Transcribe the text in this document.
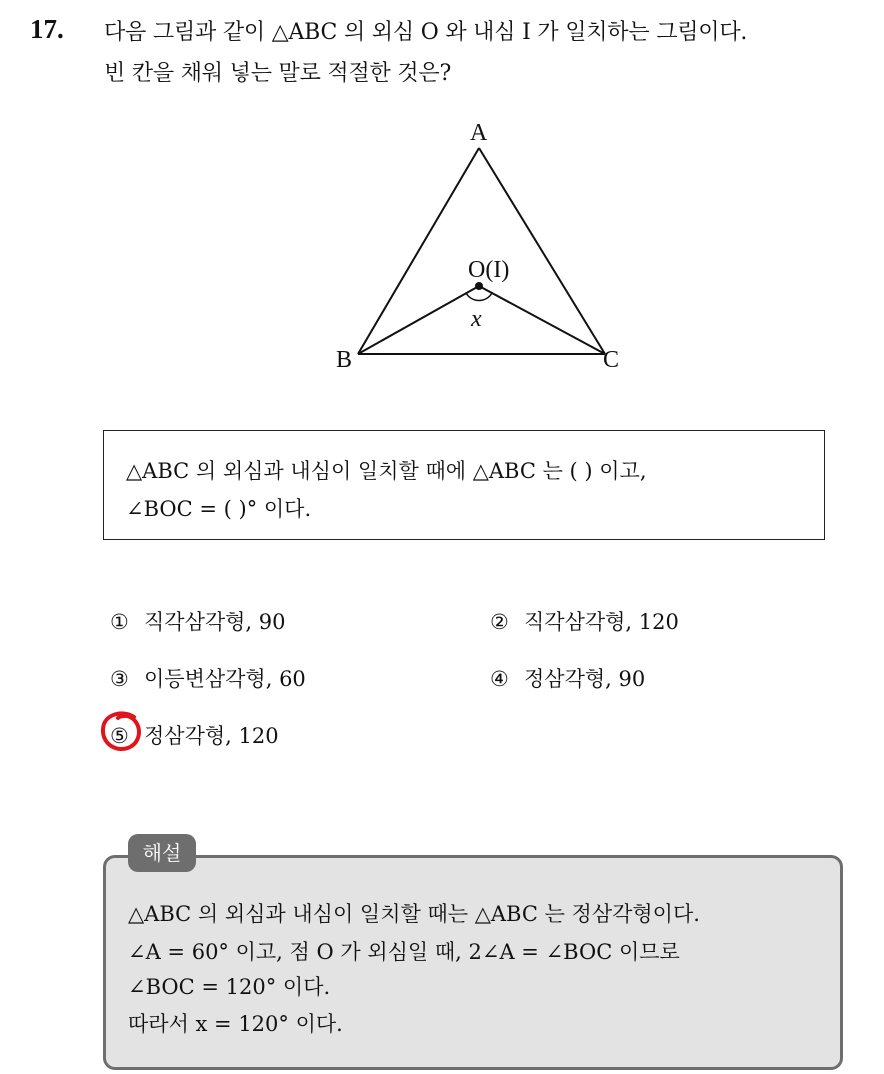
17. 다음 그림과 같이 △ABC 의 외심 O 와 내심 I 가 일치하는 그림이다.
빈 칸을 채워 넣는 말로 적절한 것은?
A
B	C
O(I)
x
△ABC 의 외심과 내심이 일치할 때에 △ABC 는 ( ) 이고,
∠BOC = ( )° 이다.
① 직각삼각형, 90	② 직각삼각형, 120
③ 이등변삼각형, 60	④ 정삼각형, 90
⑤ 정삼각형, 120
△ABC 의 외심과 내심이 일치할 때는 △ABC 는 정삼각형이다.
∠A = 60° 이고, 점 O 가 외심일 때, 2∠A = ∠BOC 이므로
∠BOC = 120° 이다.
따라서 x = 120° 이다.
해설
